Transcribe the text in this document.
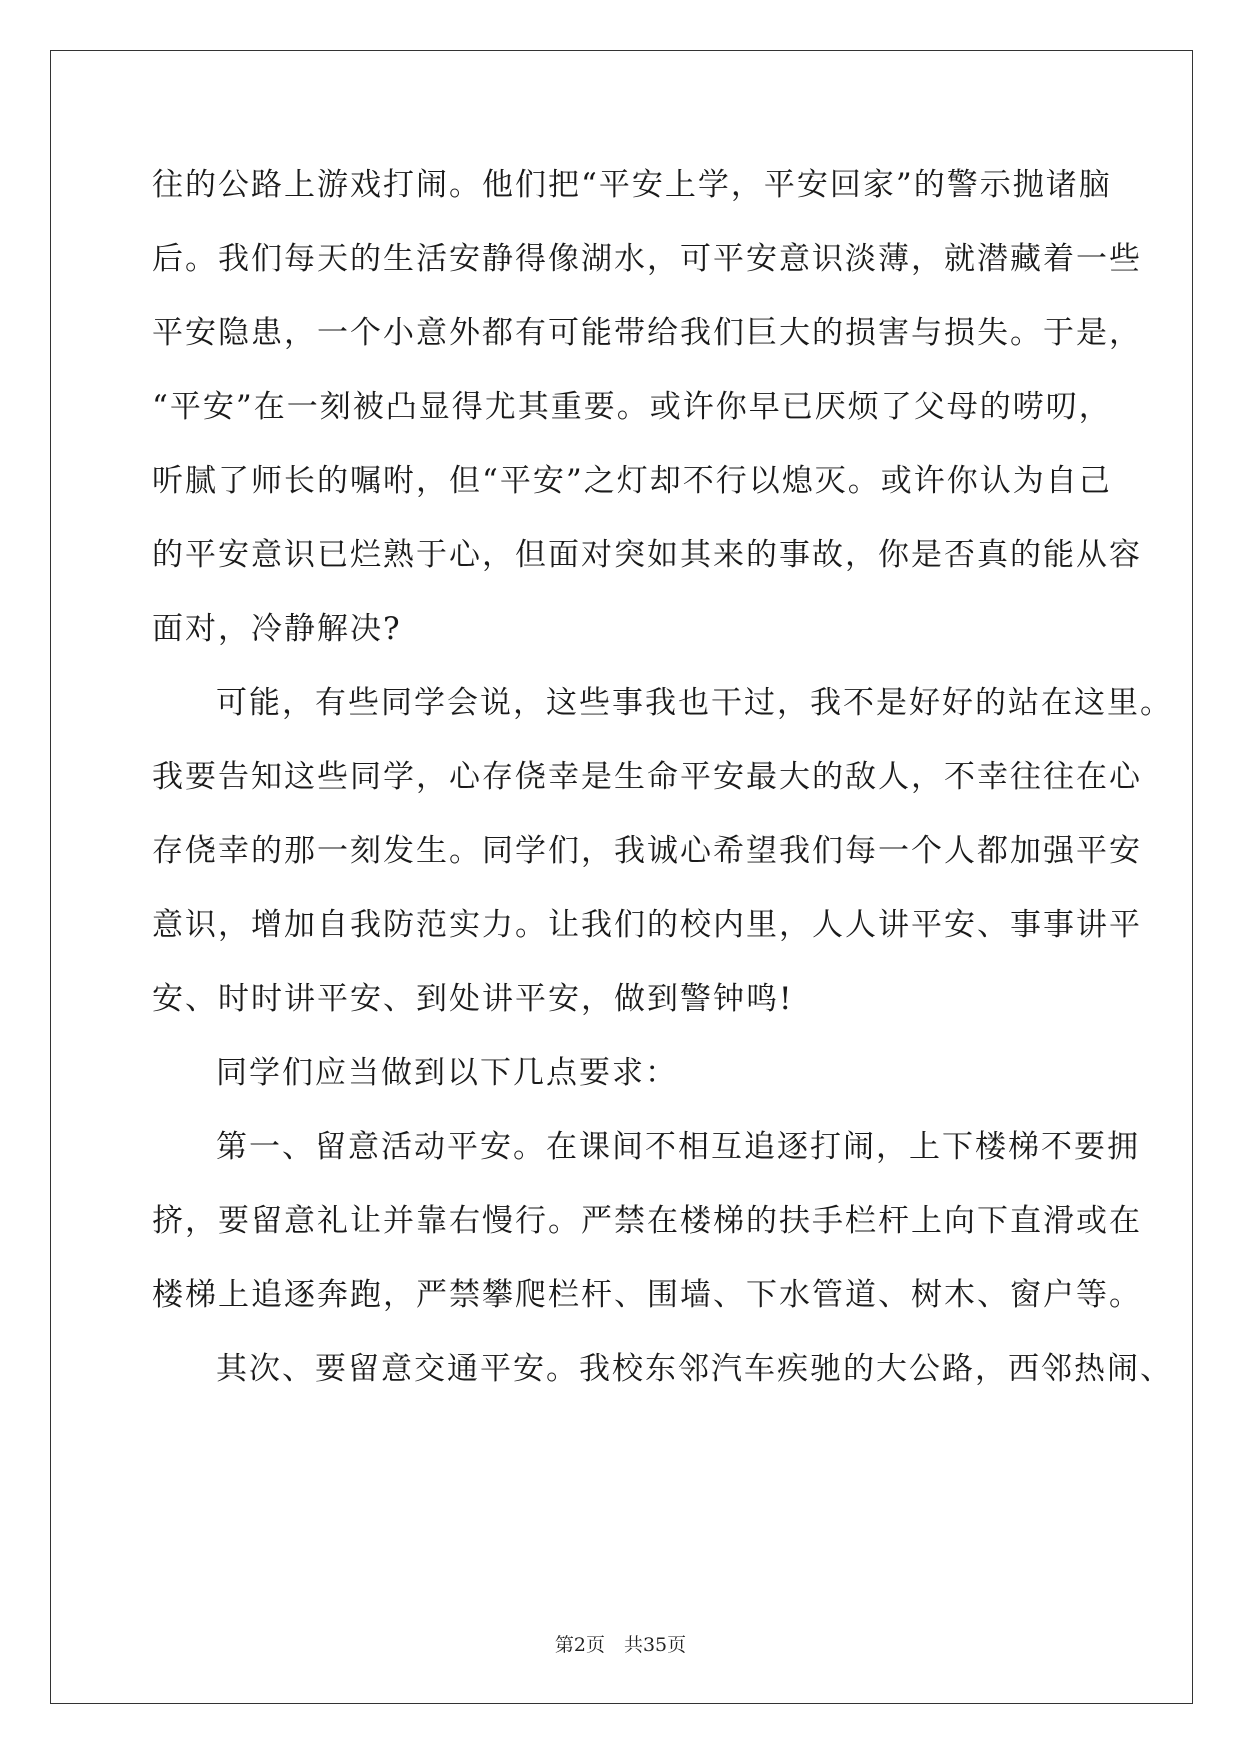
往的公路上游戏打闹。他们把“平安上学，平安回家”的警示抛诸脑
后。我们每天的生活安静得像湖水，可平安意识淡薄，就潜藏着一些
平安隐患，一个小意外都有可能带给我们巨大的损害与损失。于是，
“平安”在一刻被凸显得尤其重要。或许你早已厌烦了父母的唠叨，
听腻了师长的嘱咐，但“平安”之灯却不行以熄灭。或许你认为自己
的平安意识已烂熟于心，但面对突如其来的事故，你是否真的能从容
面对，冷静解决?
可能，有些同学会说，这些事我也干过，我不是好好的站在这里。
我要告知这些同学，心存侥幸是生命平安最大的敌人，不幸往往在心
存侥幸的那一刻发生。同学们，我诚心希望我们每一个人都加强平安
意识，增加自我防范实力。让我们的校内里，人人讲平安、事事讲平
安、时时讲平安、到处讲平安，做到警钟鸣!
同学们应当做到以下几点要求：
第一、留意活动平安。在课间不相互追逐打闹，上下楼梯不要拥
挤，要留意礼让并靠右慢行。严禁在楼梯的扶手栏杆上向下直滑或在
楼梯上追逐奔跑，严禁攀爬栏杆、围墙、下水管道、树木、窗户等。
其次、要留意交通平安。我校东邻汽车疾驰的大公路，西邻热闹、
第2页　共35页
